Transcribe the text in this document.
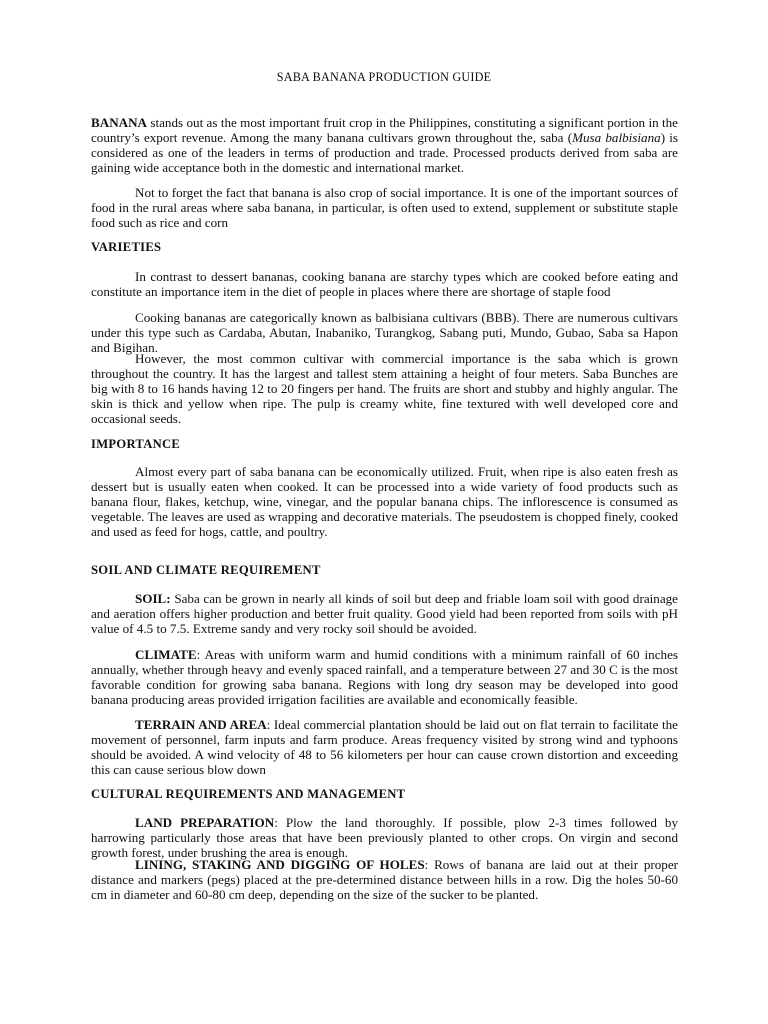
SABA BANANA PRODUCTION GUIDE

BANANA stands out as the most important fruit crop in the Philippines, constituting a significant portion in the country’s export revenue. Among the many banana cultivars grown throughout the, saba (Musa balbisiana) is considered as one of the leaders in terms of production and trade. Processed products derived from saba are gaining wide acceptance both in the domestic and international market.

Not to forget the fact that banana is also crop of social importance. It is one of the important sources of food in the rural areas where saba banana, in particular, is often used to extend, supplement or substitute staple food such as rice and corn

VARIETIES

In contrast to dessert bananas, cooking banana are starchy types which are cooked before eating and constitute an importance item in the diet of people in places where there are shortage of staple food

Cooking bananas are categorically known as balbisiana cultivars (BBB). There are numerous cultivars under this type such as Cardaba, Abutan, Inabaniko, Turangkog, Sabang puti, Mundo, Gubao, Saba sa Hapon and Bigihan.

However, the most common cultivar with commercial importance is the saba which is grown throughout the country. It has the largest and tallest stem attaining a height of four meters. Saba Bunches are big with 8 to 16 hands having 12 to 20 fingers per hand. The fruits are short and stubby and highly angular. The skin is thick and yellow when ripe. The pulp is creamy white, fine textured with well developed core and occasional seeds.

IMPORTANCE

Almost every part of saba banana can be economically utilized. Fruit, when ripe is also eaten fresh as dessert but is usually eaten when cooked. It can be processed into a wide variety of food products such as banana flour, flakes, ketchup, wine, vinegar, and the popular banana chips. The inflorescence is consumed as vegetable. The leaves are used as wrapping and decorative materials. The pseudostem is chopped finely, cooked and used as feed for hogs, cattle, and poultry.

SOIL AND CLIMATE REQUIREMENT

SOIL: Saba can be grown in nearly all kinds of soil but deep and friable loam soil with good drainage and aeration offers higher production and better fruit quality. Good yield had been reported from soils with pH value of 4.5 to 7.5. Extreme sandy and very rocky soil should be avoided.

CLIMATE: Areas with uniform warm and humid conditions with a minimum rainfall of 60 inches annually, whether through heavy and evenly spaced rainfall, and a temperature between 27 and 30 C is the most favorable condition for growing saba banana. Regions with long dry season may be developed into good banana producing areas provided irrigation facilities are available and economically feasible.

TERRAIN AND AREA: Ideal commercial plantation should be laid out on flat terrain to facilitate the movement of personnel, farm inputs and farm produce. Areas frequency visited by strong wind and typhoons should be avoided. A wind velocity of 48 to 56 kilometers per hour can cause crown distortion and exceeding this can cause serious blow down

CULTURAL REQUIREMENTS AND MANAGEMENT

LAND PREPARATION: Plow the land thoroughly. If possible, plow 2-3 times followed by harrowing particularly those areas that have been previously planted to other crops. On virgin and second growth forest, under brushing the area is enough.

LINING, STAKING AND DIGGING OF HOLES: Rows of banana are laid out at their proper distance and markers (pegs) placed at the pre-determined distance between hills in a row. Dig the holes 50-60 cm in diameter and 60-80 cm deep, depending on the size of the sucker to be planted.
